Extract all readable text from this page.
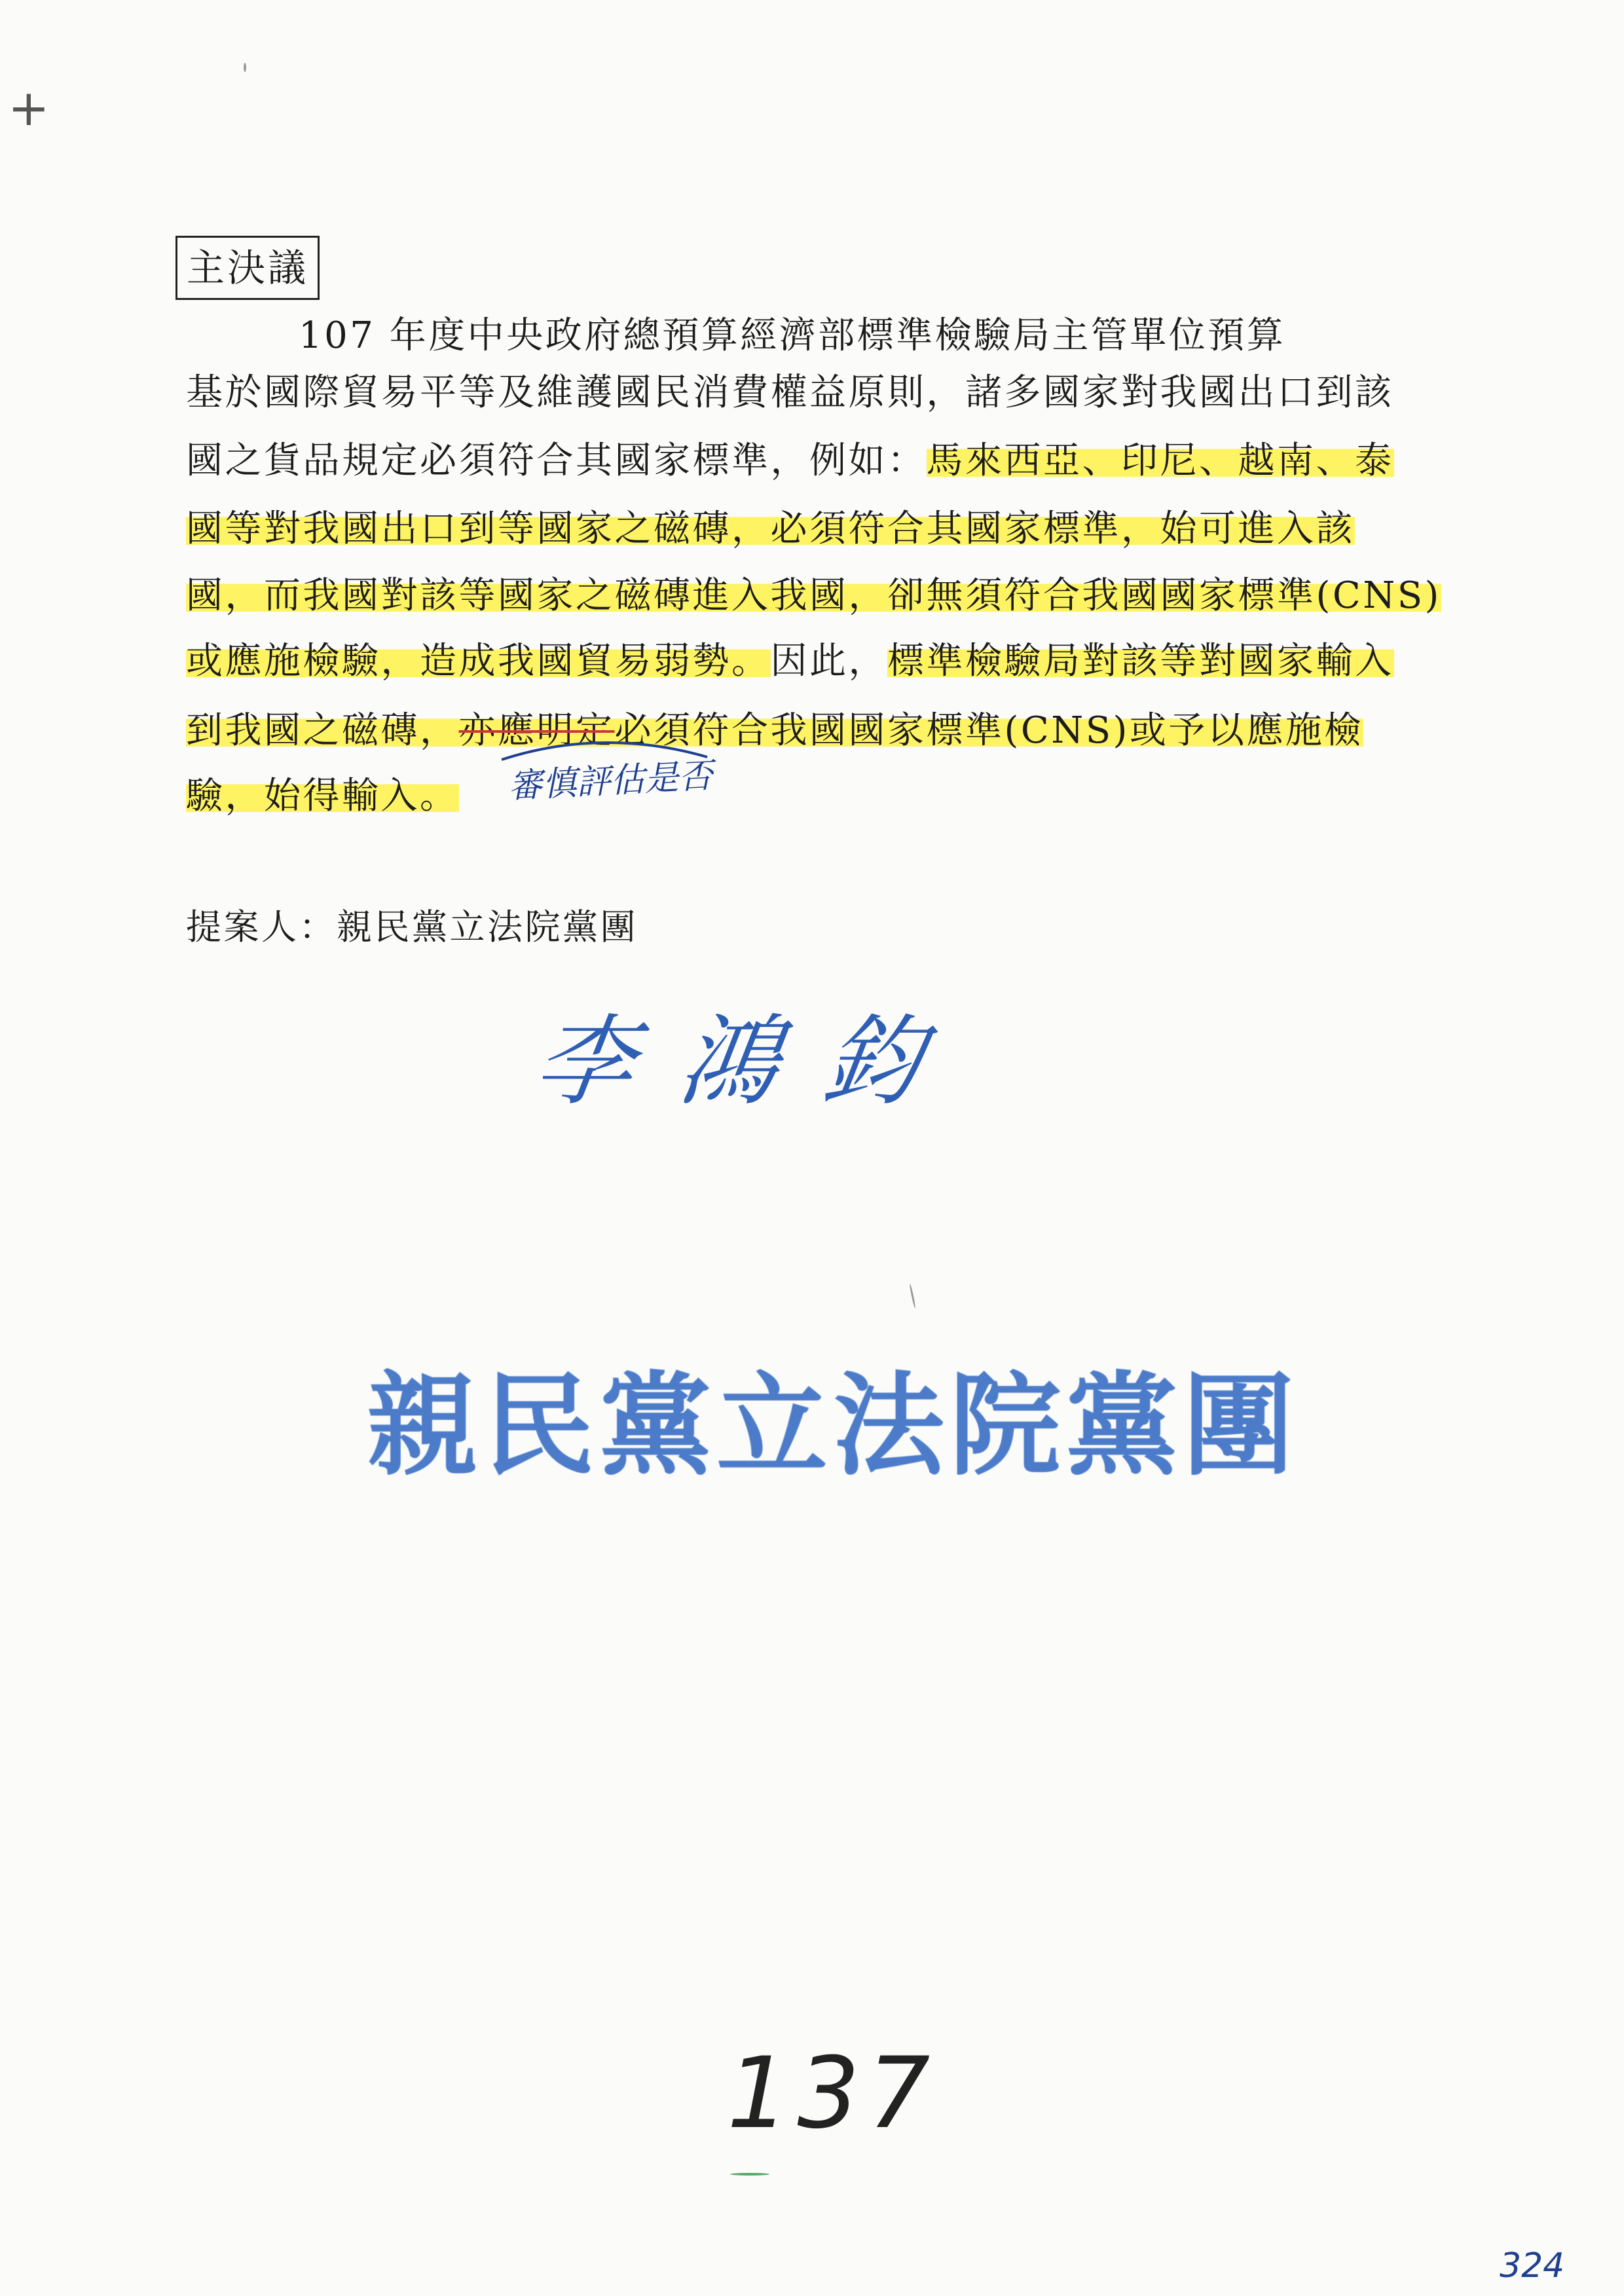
+
主決議
107 年度中央政府總預算經濟部標準檢驗局主管單位預算
基於國際貿易平等及維護國民消費權益原則，諸多國家對我國出口到該
國之貨品規定必須符合其國家標準，例如：馬來西亞、印尼、越南、泰
國等對我國出口到等國家之磁磚，必須符合其國家標準，始可進入該
國，而我國對該等國家之磁磚進入我國，卻無須符合我國國家標準(CNS)
或應施檢驗，造成我國貿易弱勢。因此，標準檢驗局對該等對國家輸入
到我國之磁磚，亦應明定必須符合我國國家標準(CNS)或予以應施檢
驗，始得輸入。 審慎評估是否
提案人：親民黨立法院黨團
李鴻鈞
親民黨立法院黨團
137
324
